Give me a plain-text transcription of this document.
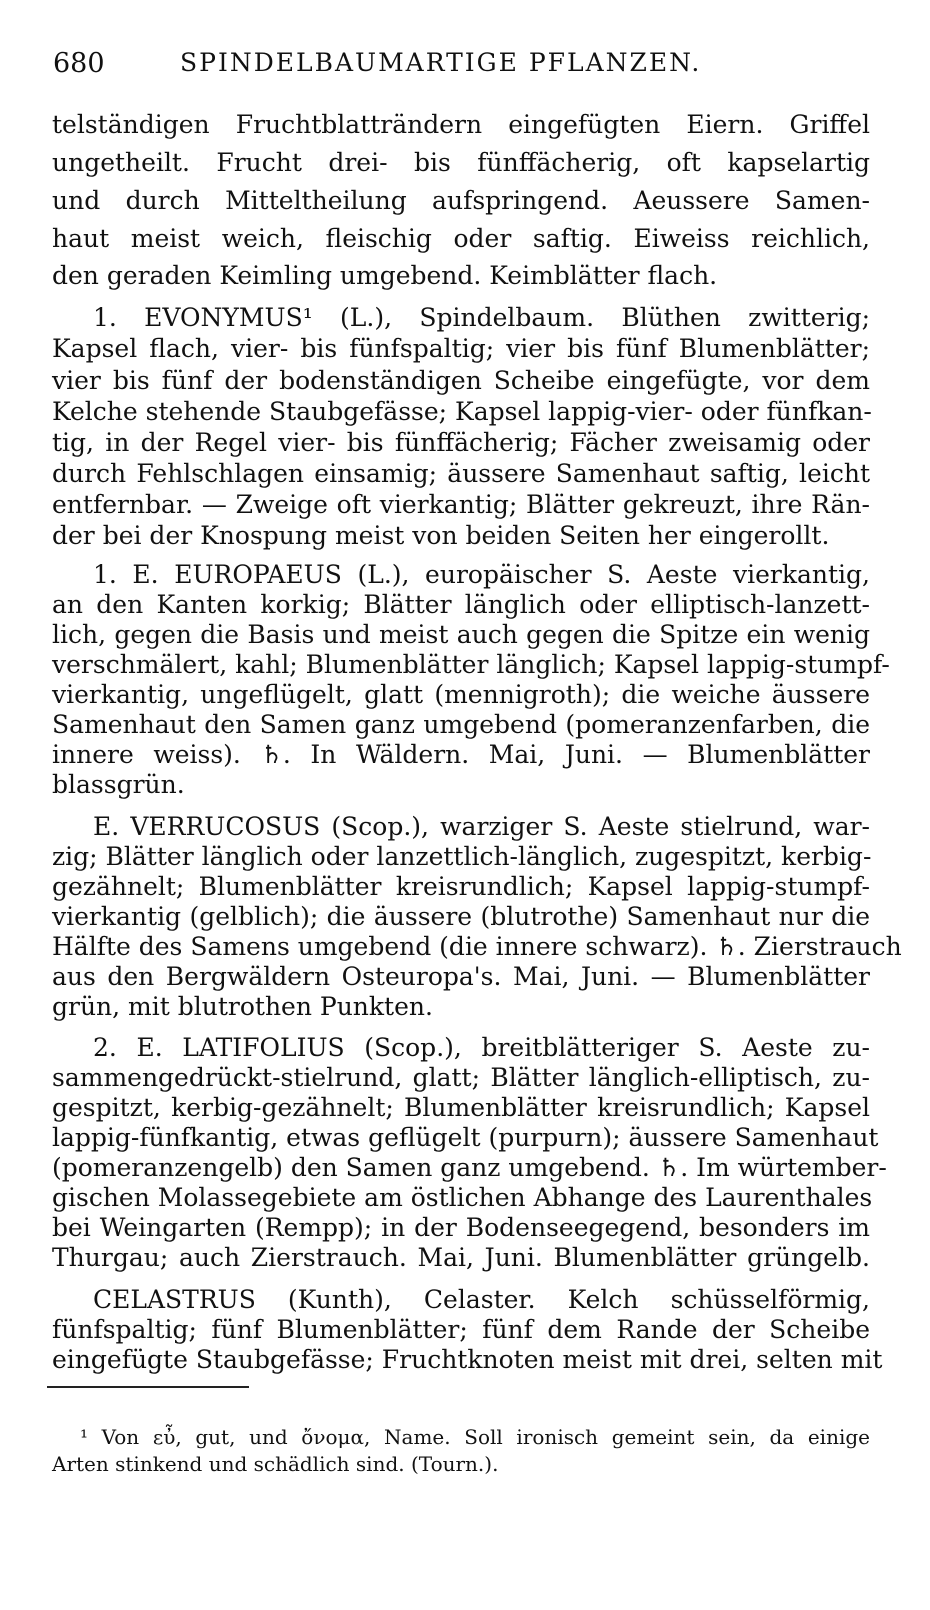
680	SPINDELBAUMARTIGE PFLANZEN.
telständigen Fruchtblatträndern eingefügten Eiern. Griffel
ungetheilt. Frucht drei- bis fünffächerig, oft kapselartig
und durch Mitteltheilung aufspringend. Aeussere Samen-
haut meist weich, fleischig oder saftig. Eiweiss reichlich,
den geraden Keimling umgebend. Keimblätter flach.
1. EVONYMUS¹ (L.), Spindelbaum. Blüthen zwitterig;
Kapsel flach, vier- bis fünfspaltig; vier bis fünf Blumenblätter;
vier bis fünf der bodenständigen Scheibe eingefügte, vor dem
Kelche stehende Staubgefässe; Kapsel lappig-vier- oder fünfkan-
tig, in der Regel vier- bis fünffächerig; Fächer zweisamig oder
durch Fehlschlagen einsamig; äussere Samenhaut saftig, leicht
entfernbar. — Zweige oft vierkantig; Blätter gekreuzt, ihre Rän-
der bei der Knospung meist von beiden Seiten her eingerollt.
1. E. EUROPAEUS (L.), europäischer S. Aeste vierkantig,
an den Kanten korkig; Blätter länglich oder elliptisch-lanzett-
lich, gegen die Basis und meist auch gegen die Spitze ein wenig
verschmälert, kahl; Blumenblätter länglich; Kapsel lappig-stumpf-
vierkantig, ungeflügelt, glatt (mennigroth); die weiche äussere
Samenhaut den Samen ganz umgebend (pomeranzenfarben, die
innere weiss). ♄. In Wäldern. Mai, Juni. — Blumenblätter
blassgrün.
E. VERRUCOSUS (Scop.), warziger S. Aeste stielrund, war-
zig; Blätter länglich oder lanzettlich-länglich, zugespitzt, kerbig-
gezähnelt; Blumenblätter kreisrundlich; Kapsel lappig-stumpf-
vierkantig (gelblich); die äussere (blutrothe) Samenhaut nur die
Hälfte des Samens umgebend (die innere schwarz). ♄. Zierstrauch
aus den Bergwäldern Osteuropa's. Mai, Juni. — Blumenblätter
grün, mit blutrothen Punkten.
2. E. LATIFOLIUS (Scop.), breitblätteriger S. Aeste zu-
sammengedrückt-stielrund, glatt; Blätter länglich-elliptisch, zu-
gespitzt, kerbig-gezähnelt; Blumenblätter kreisrundlich; Kapsel
lappig-fünfkantig, etwas geflügelt (purpurn); äussere Samenhaut
(pomeranzengelb) den Samen ganz umgebend. ♄. Im würtember-
gischen Molassegebiete am östlichen Abhange des Laurenthales
bei Weingarten (Rempp); in der Bodenseegegend, besonders im
Thurgau; auch Zierstrauch. Mai, Juni. Blumenblätter grüngelb.
CELASTRUS (Kunth), Celaster. Kelch schüsselförmig,
fünfspaltig; fünf Blumenblätter; fünf dem Rande der Scheibe
eingefügte Staubgefässe; Fruchtknoten meist mit drei, selten mit
¹ Von εὖ, gut, und ὄνομα, Name. Soll ironisch gemeint sein, da einige
Arten stinkend und schädlich sind. (Tourn.).
